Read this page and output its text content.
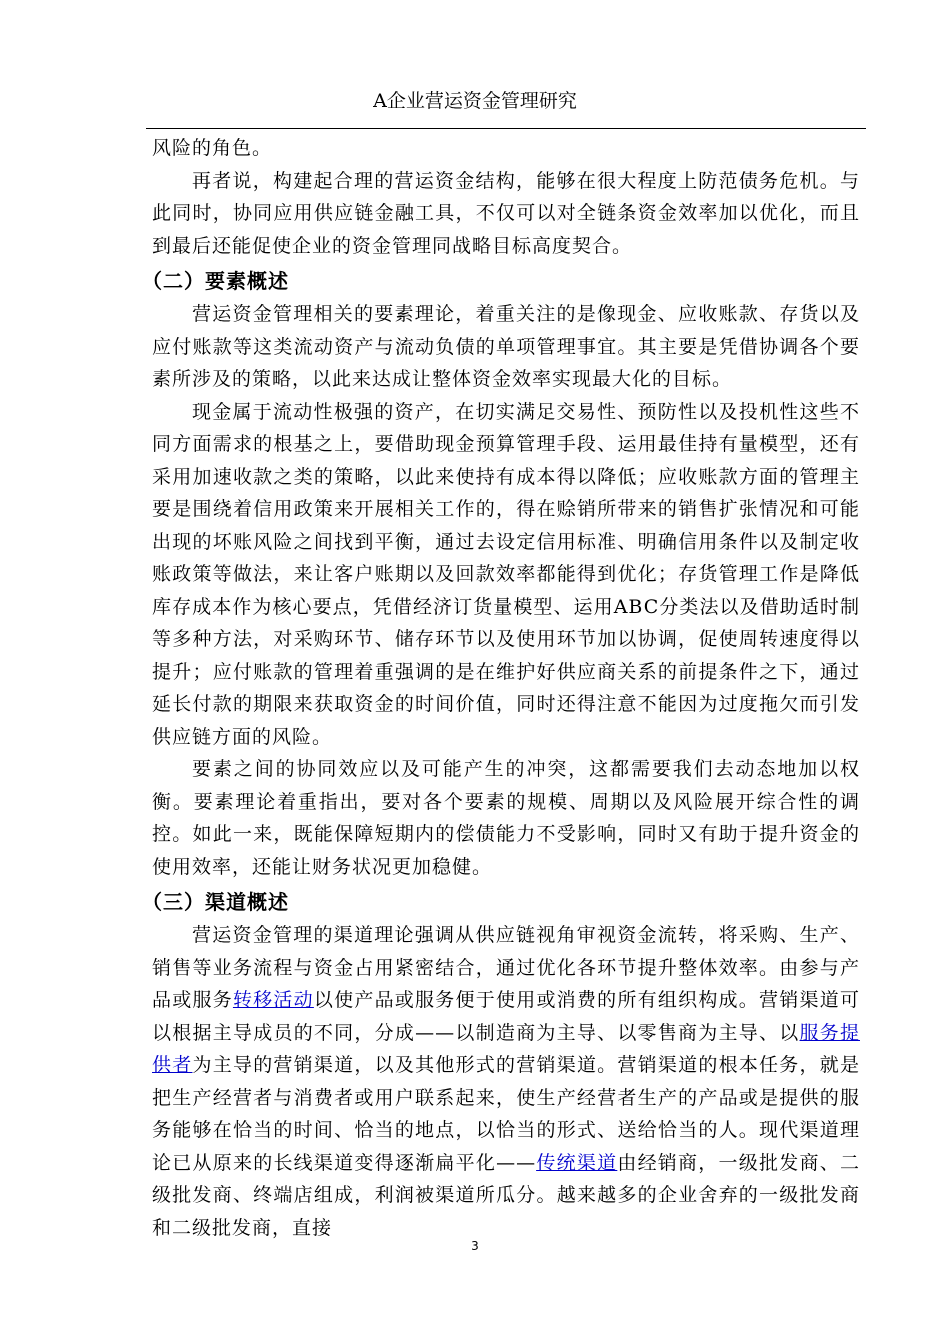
A企业营运资金管理研究

风险的角色。

再者说，构建起合理的营运资金结构，能够在很大程度上防范债务危机。与此同时，协同应用供应链金融工具，不仅可以对全链条资金效率加以优化，而且到最后还能促使企业的资金管理同战略目标高度契合。

（二）要素概述

营运资金管理相关的要素理论，着重关注的是像现金、应收账款、存货以及应付账款等这类流动资产与流动负债的单项管理事宜。其主要是凭借协调各个要素所涉及的策略，以此来达成让整体资金效率实现最大化的目标。

现金属于流动性极强的资产，在切实满足交易性、预防性以及投机性这些不同方面需求的根基之上，要借助现金预算管理手段、运用最佳持有量模型，还有采用加速收款之类的策略，以此来使持有成本得以降低；应收账款方面的管理主要是围绕着信用政策来开展相关工作的，得在赊销所带来的销售扩张情况和可能出现的坏账风险之间找到平衡，通过去设定信用标准、明确信用条件以及制定收账政策等做法，来让客户账期以及回款效率都能得到优化；存货管理工作是降低库存成本作为核心要点，凭借经济订货量模型、运用ABC分类法以及借助适时制等多种方法，对采购环节、储存环节以及使用环节加以协调，促使周转速度得以提升；应付账款的管理着重强调的是在维护好供应商关系的前提条件之下，通过延长付款的期限来获取资金的时间价值，同时还得注意不能因为过度拖欠而引发供应链方面的风险。

要素之间的协同效应以及可能产生的冲突，这都需要我们去动态地加以权衡。要素理论着重指出，要对各个要素的规模、周期以及风险展开综合性的调控。如此一来，既能保障短期内的偿债能力不受影响，同时又有助于提升资金的使用效率，还能让财务状况更加稳健。

（三）渠道概述

营运资金管理的渠道理论强调从供应链视角审视资金流转，将采购、生产、销售等业务流程与资金占用紧密结合，通过优化各环节提升整体效率。由参与产品或服务转移活动以使产品或服务便于使用或消费的所有组织构成。营销渠道可以根据主导成员的不同，分成——以制造商为主导、以零售商为主导、以服务提供者为主导的营销渠道，以及其他形式的营销渠道。营销渠道的根本任务，就是把生产经营者与消费者或用户联系起来，使生产经营者生产的产品或是提供的服务能够在恰当的时间、恰当的地点，以恰当的形式、送给恰当的人。现代渠道理论已从原来的长线渠道变得逐渐扁平化——传统渠道由经销商，一级批发商、二级批发商、终端店组成，利润被渠道所瓜分。越来越多的企业舍弃的一级批发商和二级批发商，直接

3
